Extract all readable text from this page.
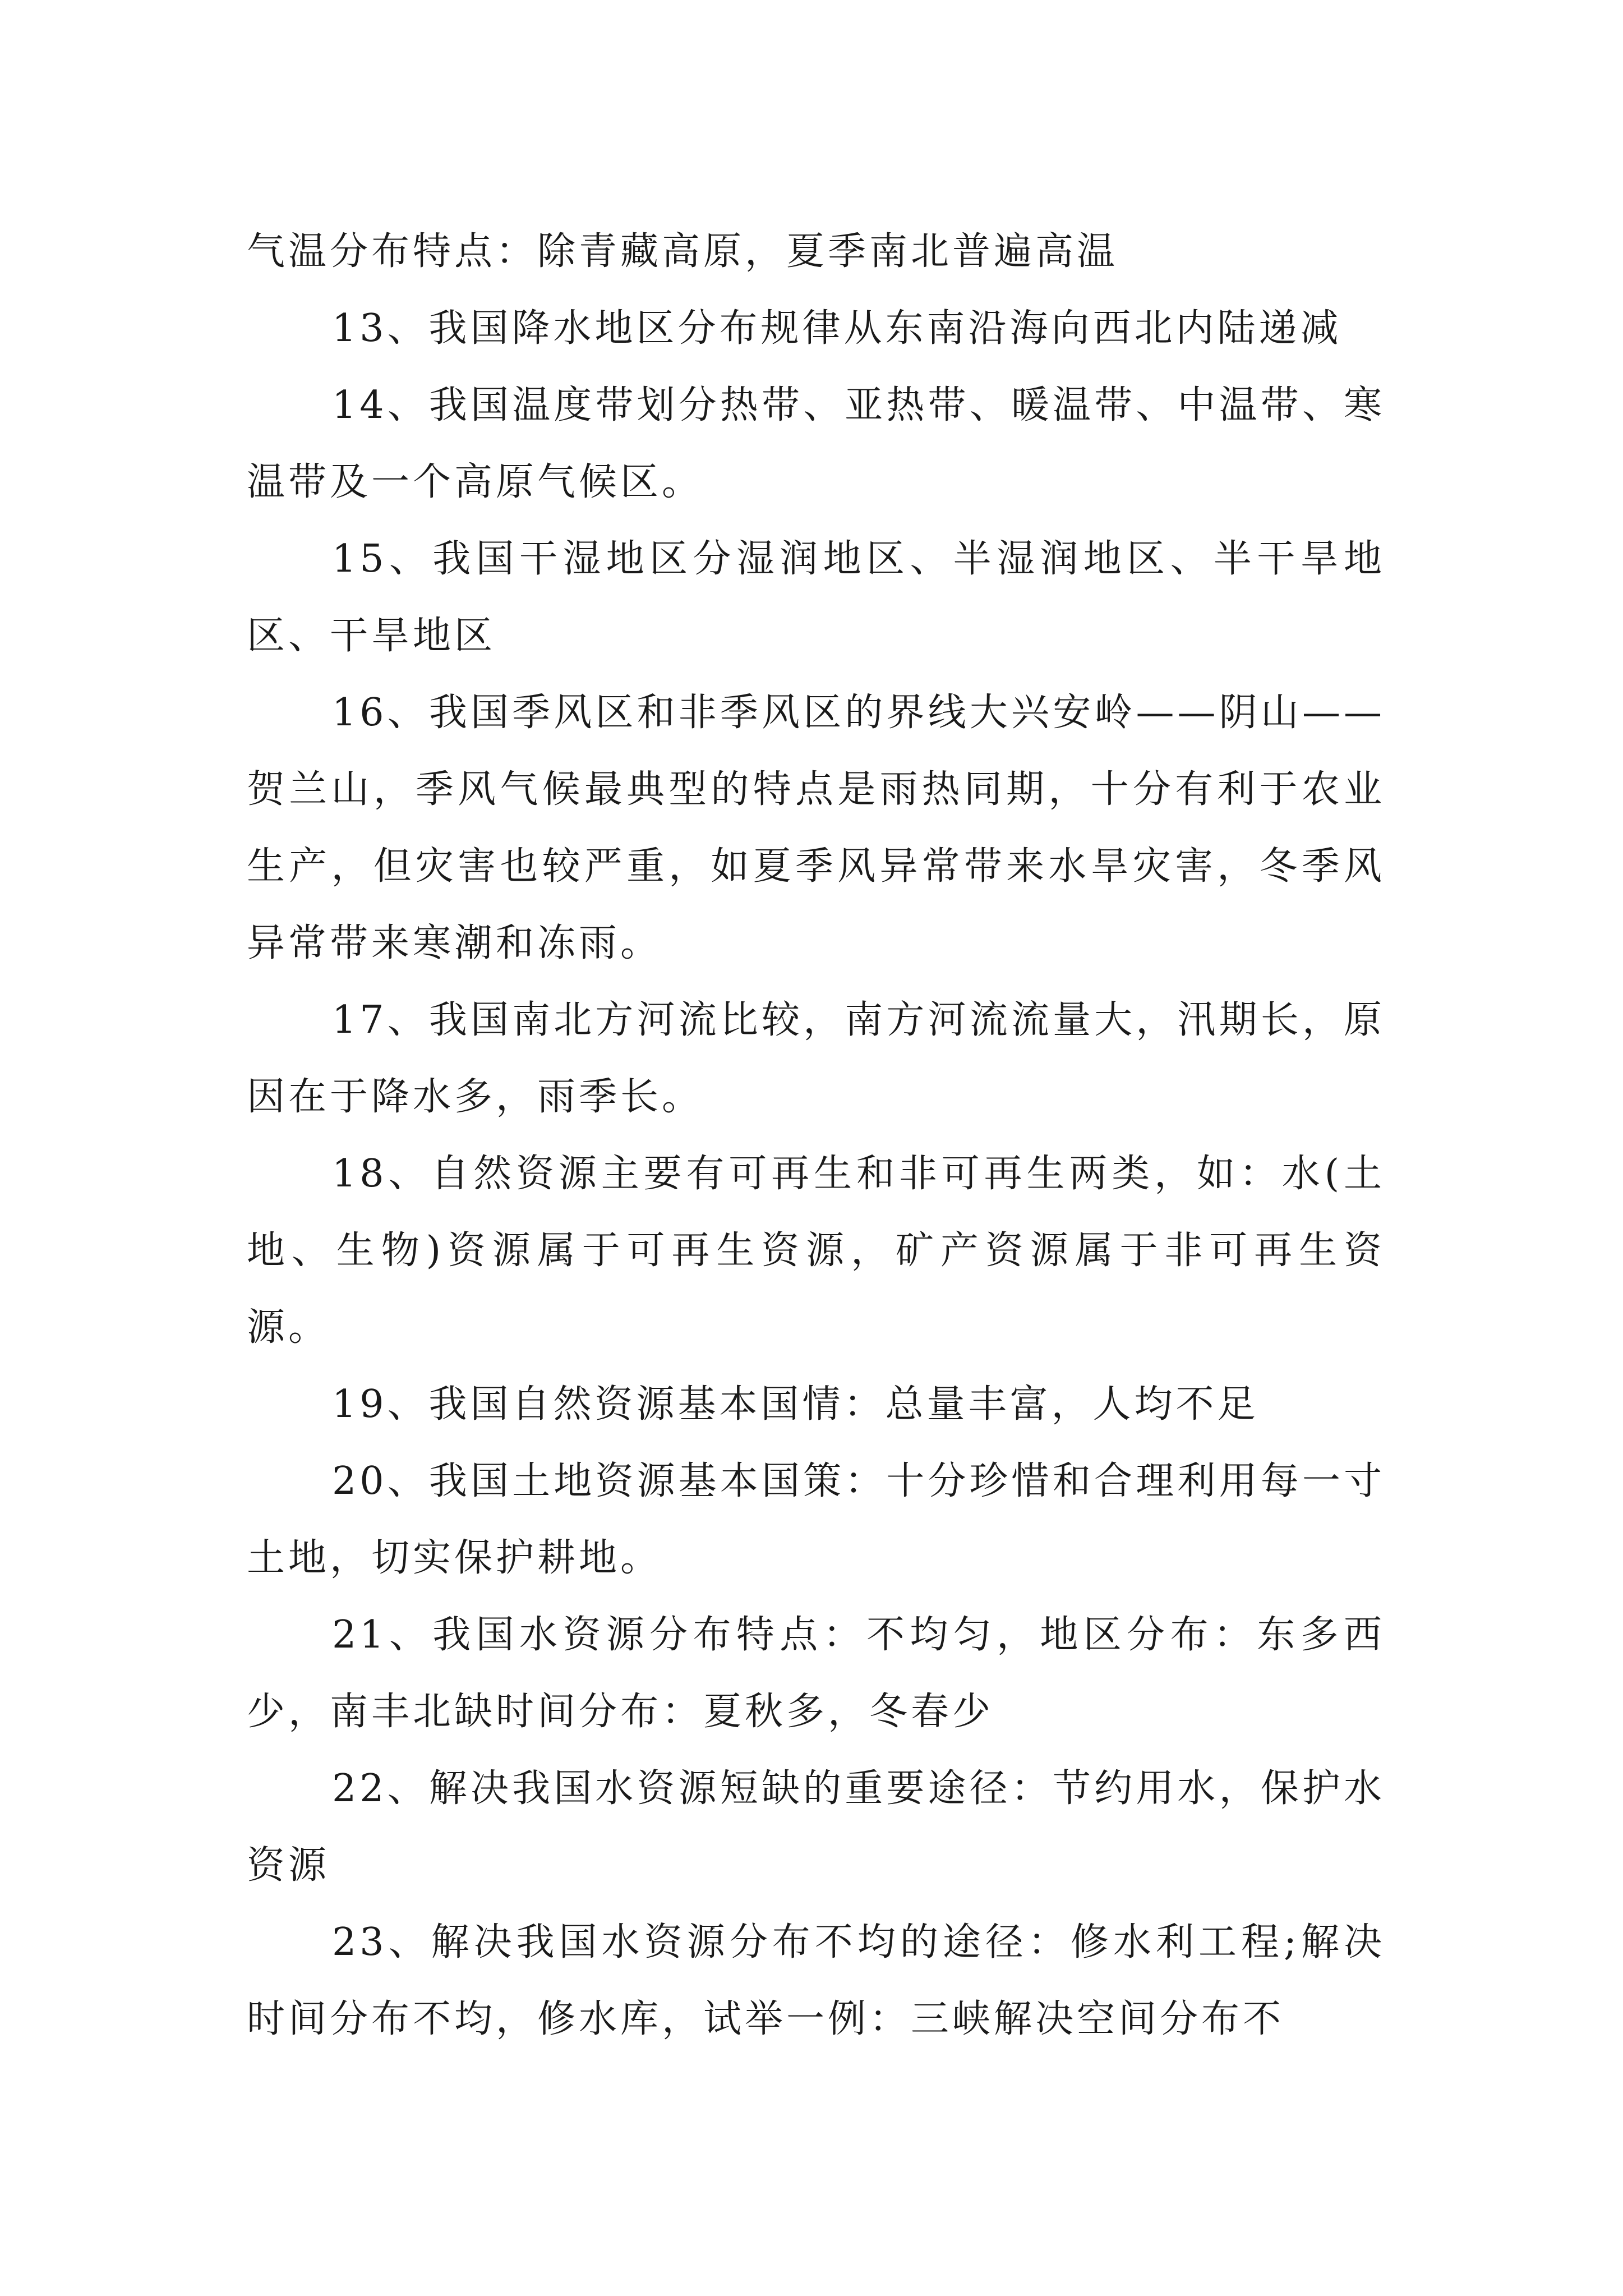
气温分布特点：除青藏高原，夏季南北普遍高温

13、我国降水地区分布规律从东南沿海向西北内陆递减

14、我国温度带划分热带、亚热带、暖温带、中温带、寒温带及一个高原气候区。

15、我国干湿地区分湿润地区、半湿润地区、半干旱地区、干旱地区

16、我国季风区和非季风区的界线大兴安岭——阴山——贺兰山，季风气候最典型的特点是雨热同期，十分有利于农业生产，但灾害也较严重，如夏季风异常带来水旱灾害，冬季风异常带来寒潮和冻雨。

17、我国南北方河流比较，南方河流流量大，汛期长，原因在于降水多，雨季长。

18、自然资源主要有可再生和非可再生两类，如：水(土地、生物)资源属于可再生资源，矿产资源属于非可再生资源。

19、我国自然资源基本国情：总量丰富，人均不足

20、我国土地资源基本国策：十分珍惜和合理利用每一寸土地，切实保护耕地。

21、我国水资源分布特点：不均匀，地区分布：东多西少，南丰北缺时间分布：夏秋多，冬春少

22、解决我国水资源短缺的重要途径：节约用水，保护水资源

23、解决我国水资源分布不均的途径：修水利工程;解决时间分布不均，修水库，试举一例：三峡解决空间分布不
